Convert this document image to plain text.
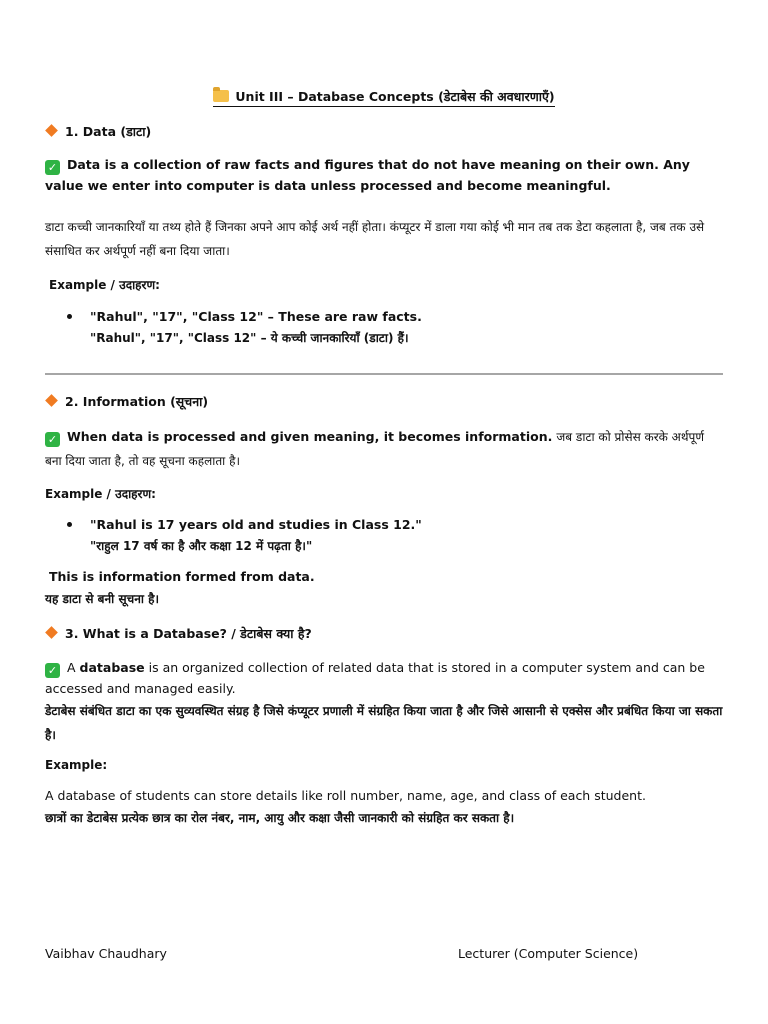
Unit III – Database Concepts (डेटाबेस की अवधारणाएँ)
1. Data (डाटा)
✓ Data is a collection of raw facts and figures that do not have meaning on their own. Any value we enter into computer is data unless processed and become meaningful.
डाटा कच्ची जानकारियाँ या तथ्य होते हैं जिनका अपने आप कोई अर्थ नहीं होता। कंप्यूटर में डाला गया कोई भी मान तब तक डेटा कहलाता है, जब तक उसे संसाधित कर अर्थपूर्ण नहीं बना दिया जाता।
Example / उदाहरण:
"Rahul", "17", "Class 12" – These are raw facts.
"Rahul", "17", "Class 12" – ये कच्ची जानकारियाँ (डाटा) हैं।
2. Information (सूचना)
✓ When data is processed and given meaning, it becomes information. जब डाटा को प्रोसेस करके अर्थपूर्ण बना दिया जाता है, तो वह सूचना कहलाता है।
Example / उदाहरण:
"Rahul is 17 years old and studies in Class 12."
"राहुल 17 वर्ष का है और कक्षा 12 में पढ़ता है।"
This is information formed from data.
यह डाटा से बनी सूचना है।
3. What is a Database? / डेटाबेस क्या है?
✓ A database is an organized collection of related data that is stored in a computer system and can be accessed and managed easily.
डेटाबेस संबंधित डाटा का एक सुव्यवस्थित संग्रह है जिसे कंप्यूटर प्रणाली में संग्रहित किया जाता है और जिसे आसानी से एक्सेस और प्रबंधित किया जा सकता है।
Example:
A database of students can store details like roll number, name, age, and class of each student.
छात्रों का डेटाबेस प्रत्येक छात्र का रोल नंबर, नाम, आयु और कक्षा जैसी जानकारी को संग्रहित कर सकता है।
Vaibhav Chaudhary	Lecturer (Computer Science)
